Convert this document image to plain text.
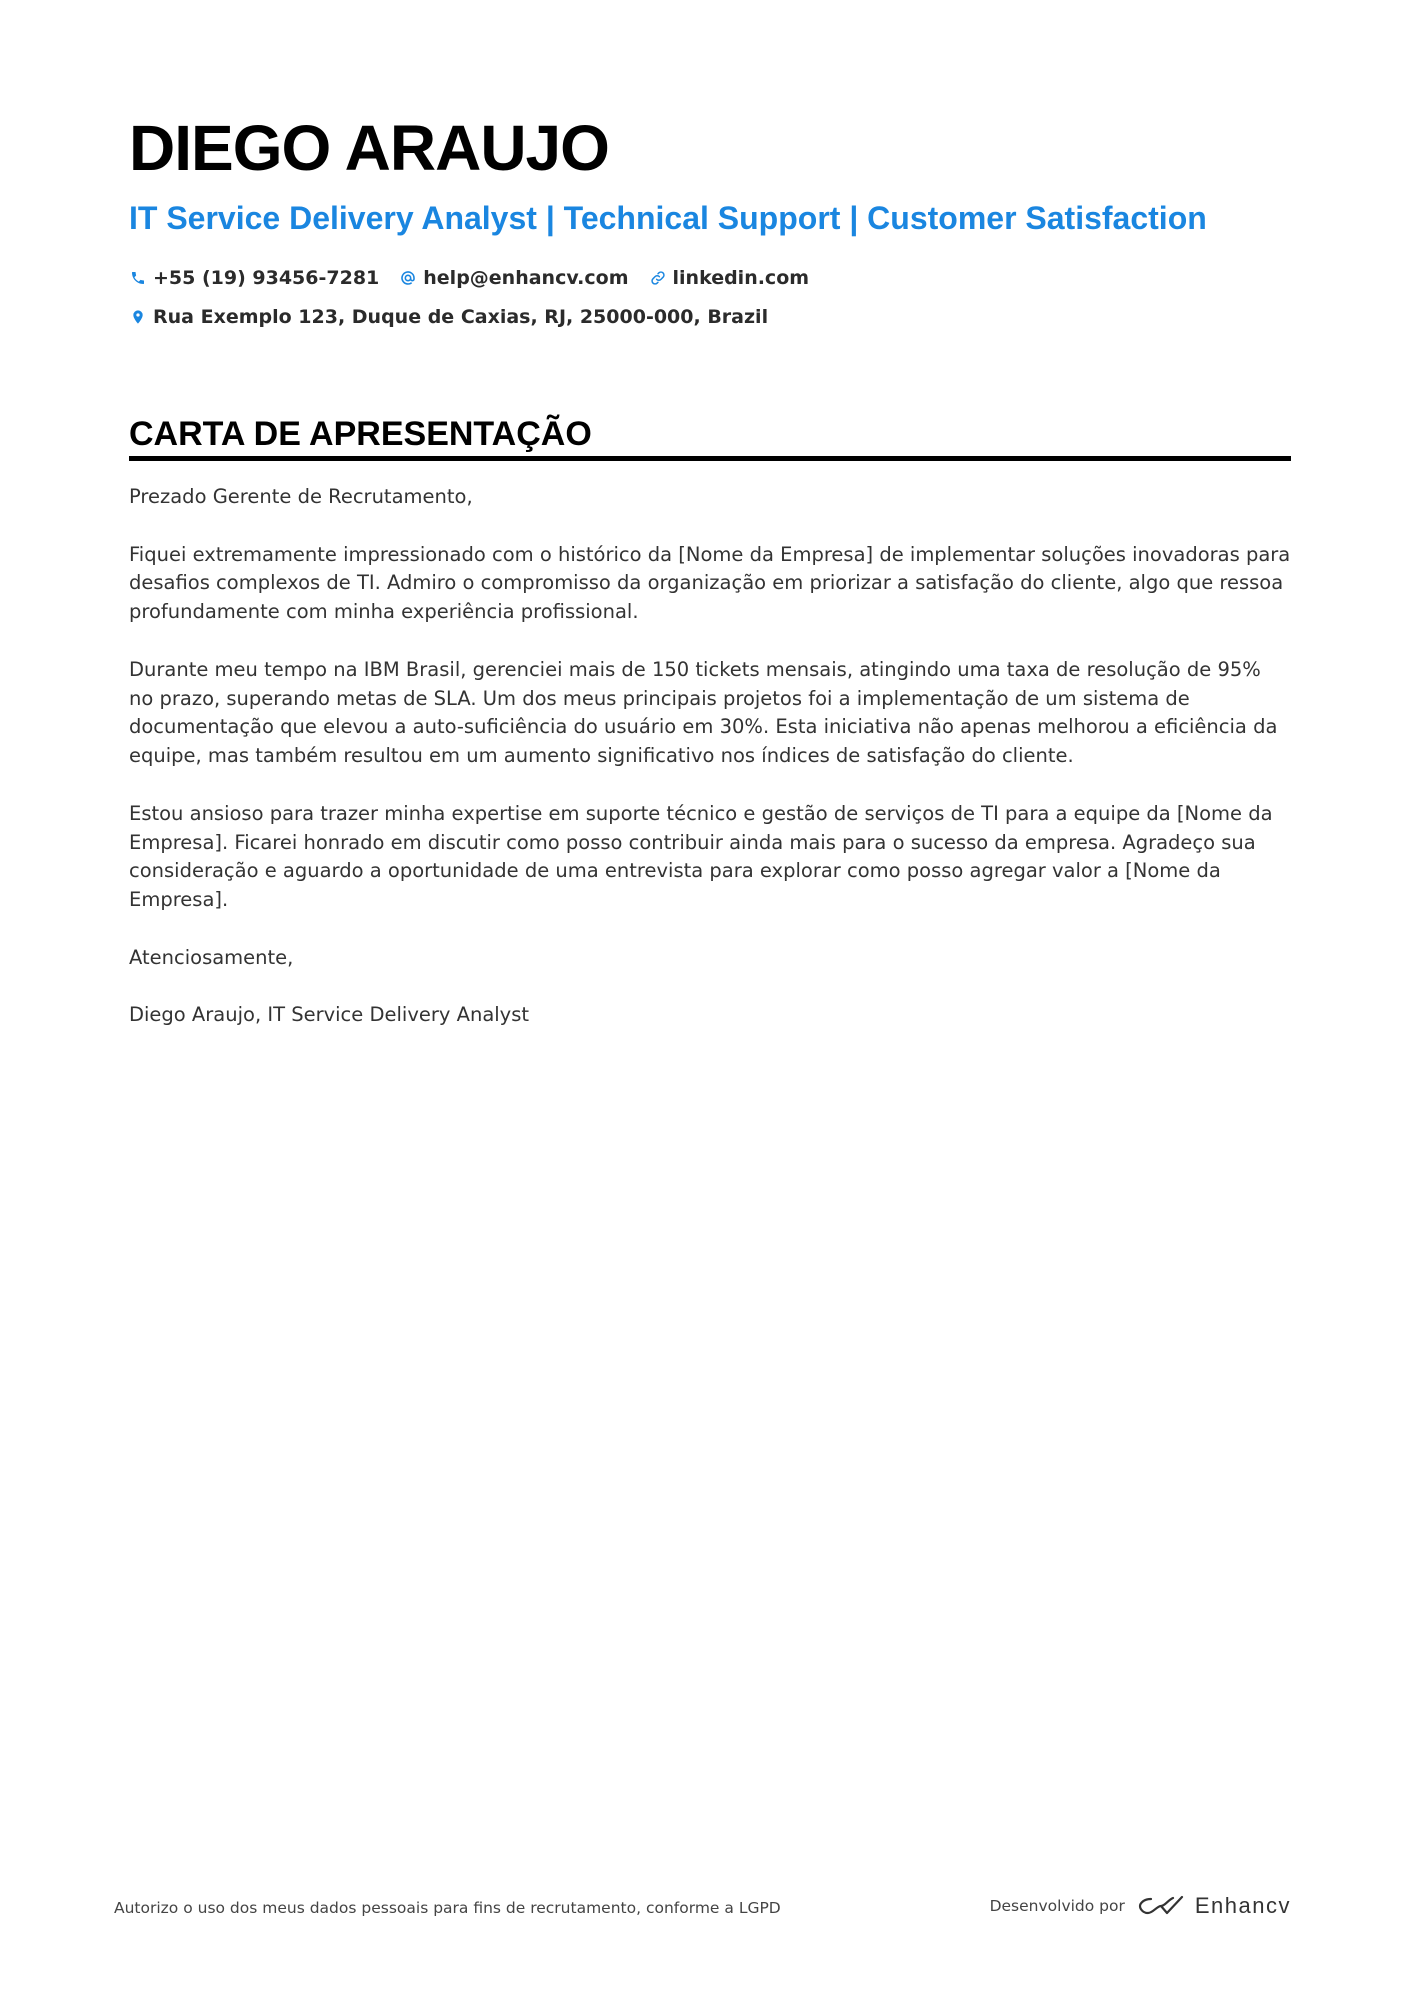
DIEGO ARAUJO
IT Service Delivery Analyst | Technical Support | Customer Satisfaction
+55 (19) 93456-7281 help@enhancv.com linkedin.com
Rua Exemplo 123, Duque de Caxias, RJ, 25000-000, Brazil
CARTA DE APRESENTAÇÃO

Prezado Gerente de Recrutamento,

Fiquei extremamente impressionado com o histórico da [Nome da Empresa] de implementar soluções inovadoras para desafios complexos de TI. Admiro o compromisso da organização em priorizar a satisfação do cliente, algo que ressoa profundamente com minha experiência profissional.

Durante meu tempo na IBM Brasil, gerenciei mais de 150 tickets mensais, atingindo uma taxa de resolução de 95% no prazo, superando metas de SLA. Um dos meus principais projetos foi a implementação de um sistema de documentação que elevou a auto-suficiência do usuário em 30%. Esta iniciativa não apenas melhorou a eficiência da equipe, mas também resultou em um aumento significativo nos índices de satisfação do cliente.

Estou ansioso para trazer minha expertise em suporte técnico e gestão de serviços de TI para a equipe da [Nome da Empresa]. Ficarei honrado em discutir como posso contribuir ainda mais para o sucesso da empresa. Agradeço sua consideração e aguardo a oportunidade de uma entrevista para explorar como posso agregar valor a [Nome da Empresa].

Atenciosamente,

Diego Araujo, IT Service Delivery Analyst

Autorizo o uso dos meus dados pessoais para fins de recrutamento, conforme a LGPD	Desenvolvido por	Enhancv
